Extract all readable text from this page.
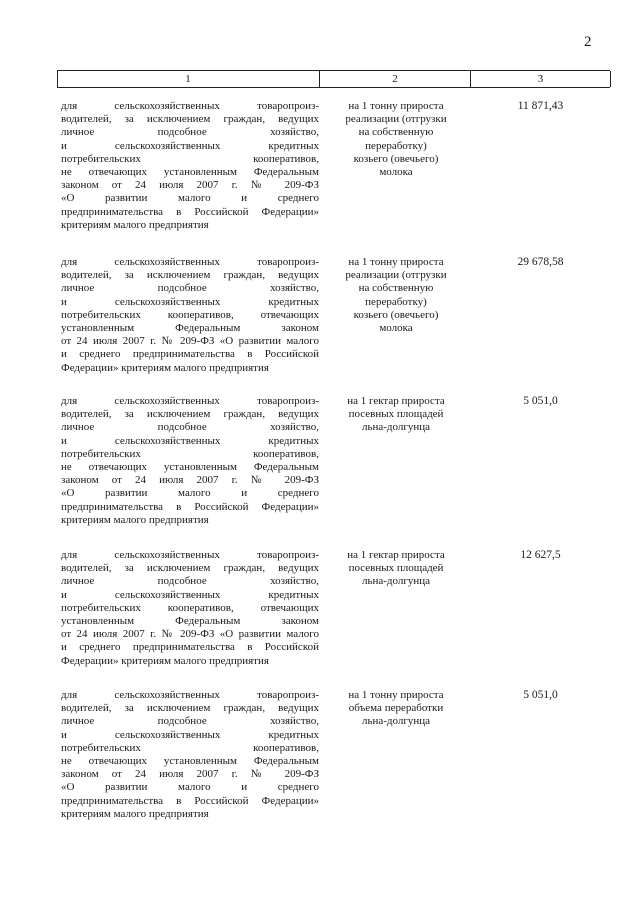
2
1	2	3
для сельскохозяйственных товаропроиз-
водителей, за исключением граждан, ведущих
личное подсобное хозяйство,
и сельскохозяйственных кредитных
потребительских кооперативов,
не отвечающих установленным Федеральным
законом от 24 июля 2007 г. № 209-ФЗ
«О развитии малого и среднего
предпринимательства в Российской Федерации»
критериям малого предприятия
на 1 тонну прироста
реализации (отгрузки
на собственную
переработку)
козьего (овечьего)
молока
11 871,43
для сельскохозяйственных товаропроиз-
водителей, за исключением граждан, ведущих
личное подсобное хозяйство,
и сельскохозяйственных кредитных
потребительских кооперативов, отвечающих
установленным Федеральным законом
от 24 июля 2007 г. № 209-ФЗ «О развитии малого
и среднего предпринимательства в Российской
Федерации» критериям малого предприятия
на 1 тонну прироста
реализации (отгрузки
на собственную
переработку)
козьего (овечьего)
молока
29 678,58
для сельскохозяйственных товаропроиз-
водителей, за исключением граждан, ведущих
личное подсобное хозяйство,
и сельскохозяйственных кредитных
потребительских кооперативов,
не отвечающих установленным Федеральным
законом от 24 июля 2007 г. № 209-ФЗ
«О развитии малого и среднего
предпринимательства в Российской Федерации»
критериям малого предприятия
на 1 гектар прироста
посевных площадей
льна-долгунца
5 051,0
для сельскохозяйственных товаропроиз-
водителей, за исключением граждан, ведущих
личное подсобное хозяйство,
и сельскохозяйственных кредитных
потребительских кооперативов, отвечающих
установленным Федеральным законом
от 24 июля 2007 г. № 209-ФЗ «О развитии малого
и среднего предпринимательства в Российской
Федерации» критериям малого предприятия
на 1 гектар прироста
посевных площадей
льна-долгунца
12 627,5
для сельскохозяйственных товаропроиз-
водителей, за исключением граждан, ведущих
личное подсобное хозяйство,
и сельскохозяйственных кредитных
потребительских кооперативов,
не отвечающих установленным Федеральным
законом от 24 июля 2007 г. № 209-ФЗ
«О развитии малого и среднего
предпринимательства в Российской Федерации»
критериям малого предприятия
на 1 тонну прироста
объема переработки
льна-долгунца
5 051,0
